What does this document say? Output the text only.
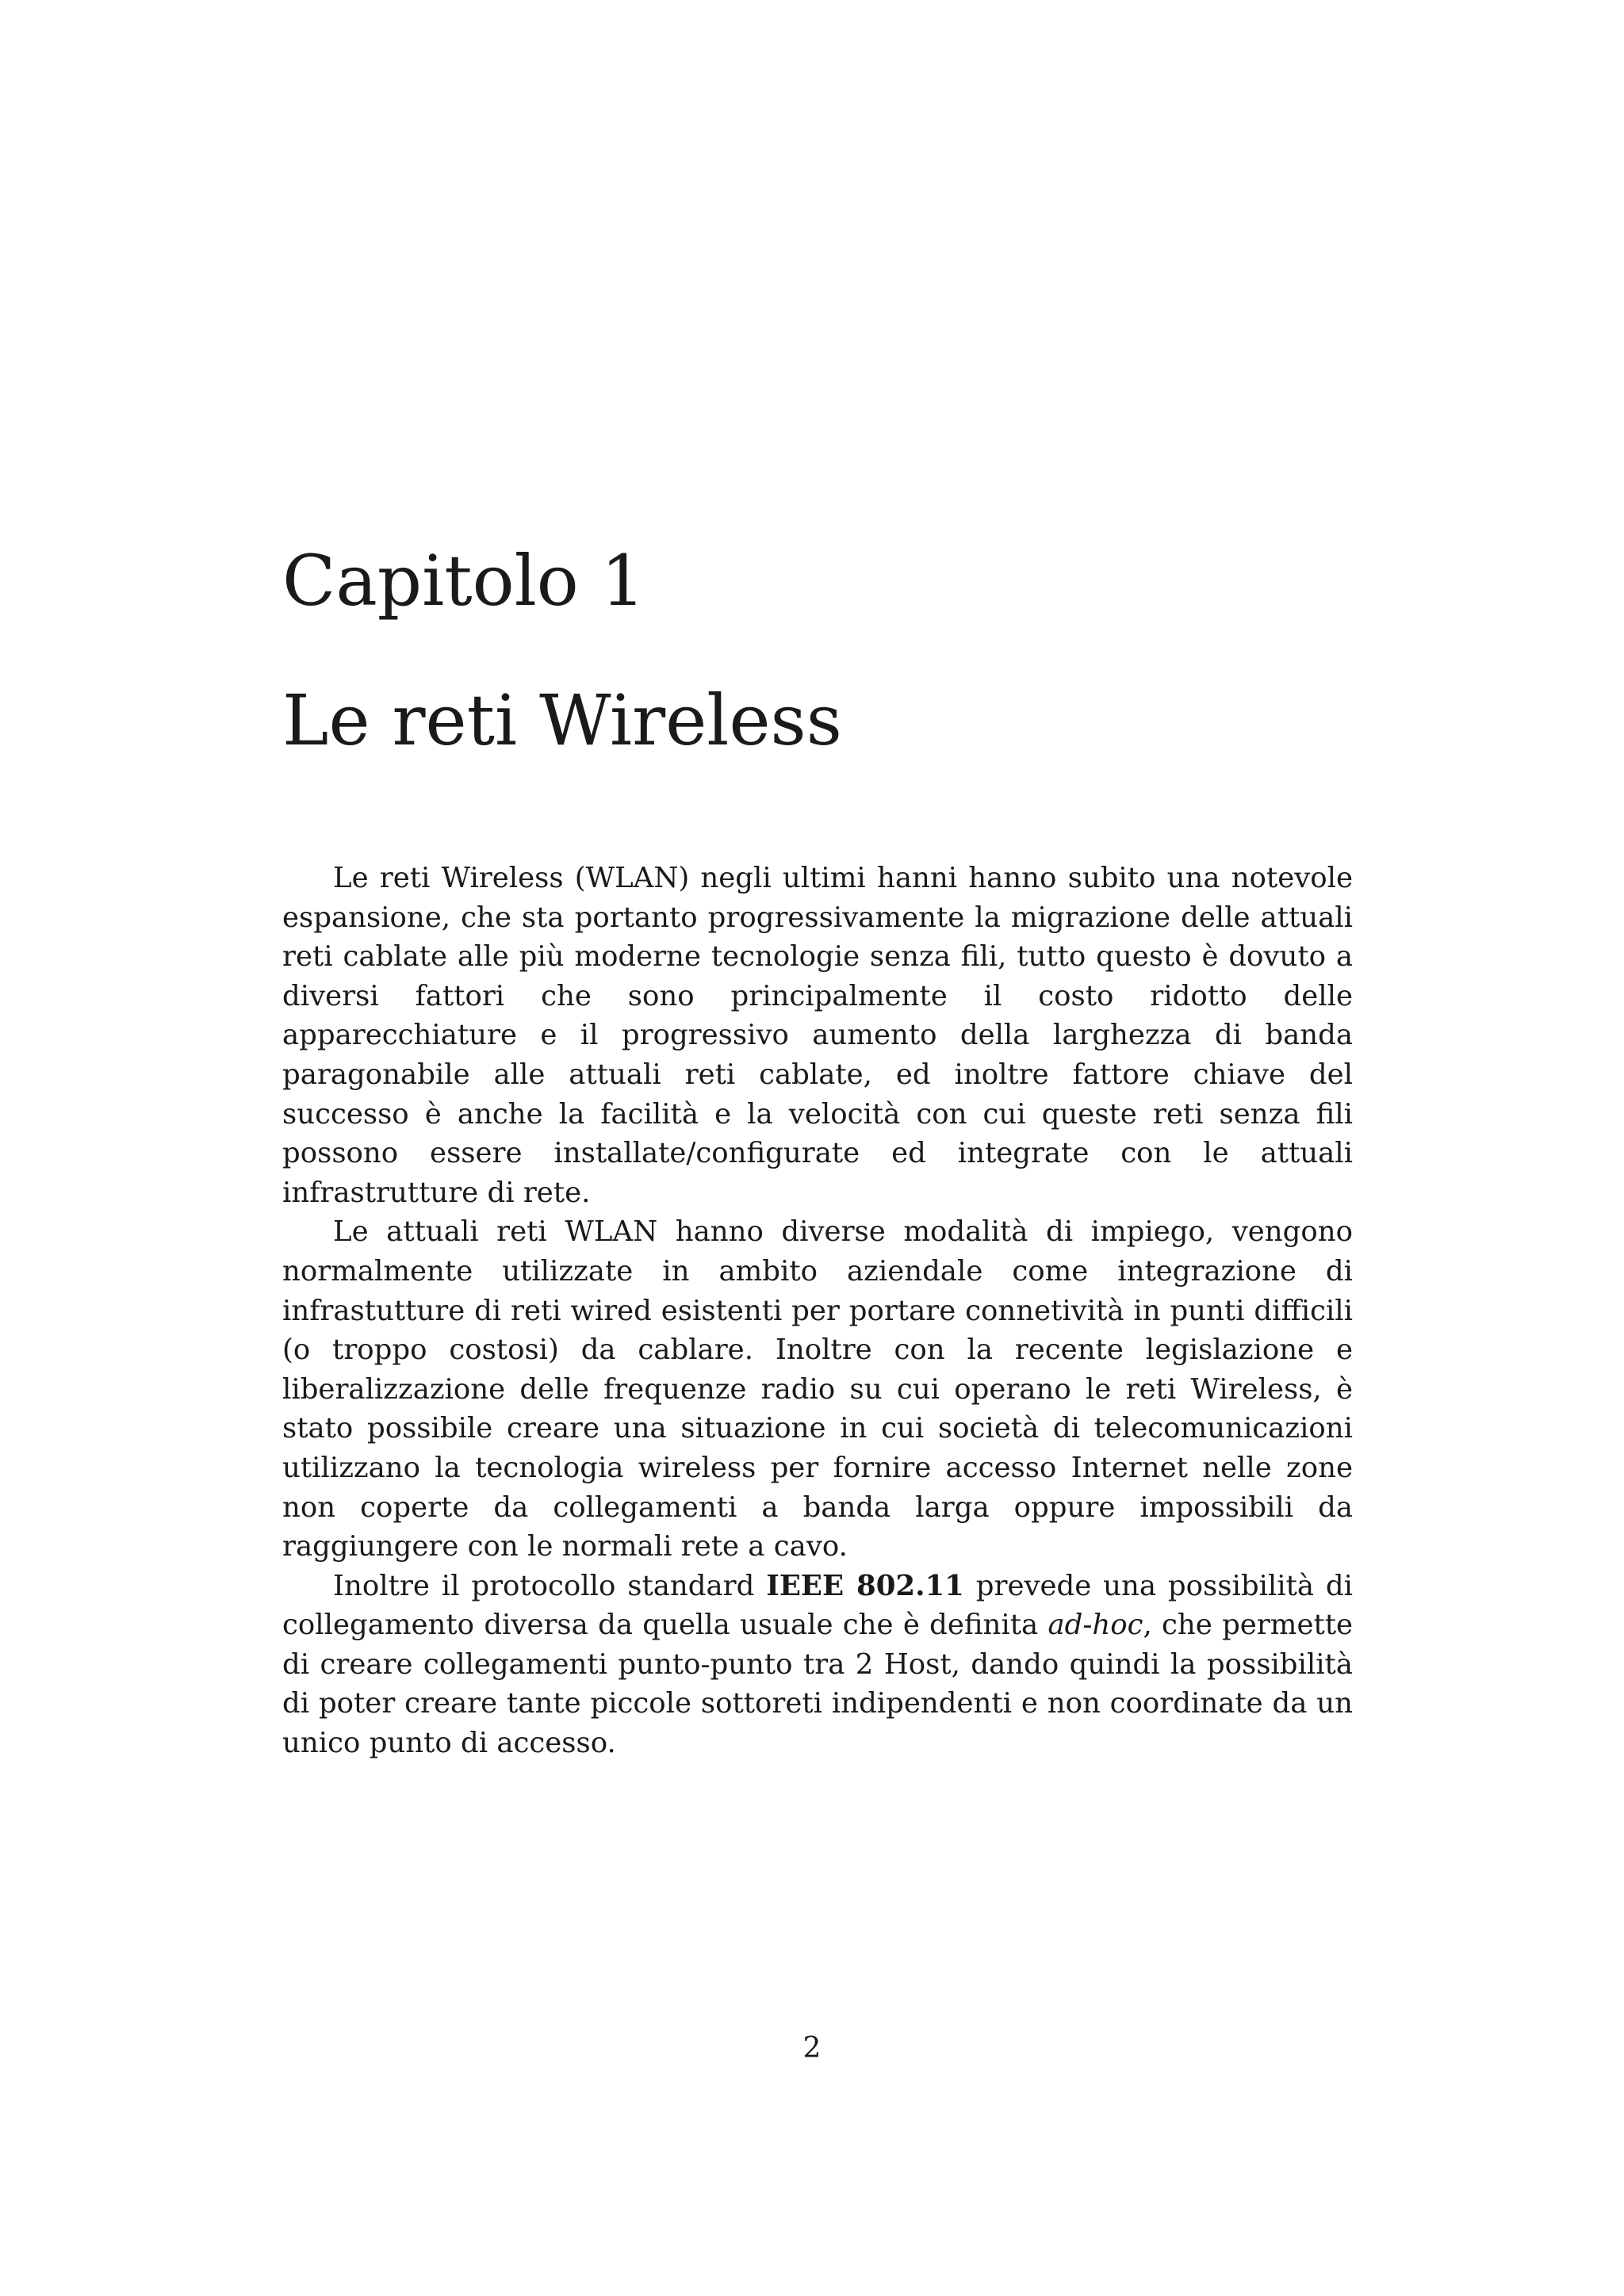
Capitolo 1
Le reti Wireless

Le reti Wireless (WLAN) negli ultimi hanni hanno subito una notevole espansione, che sta portanto progressivamente la migrazione delle attuali reti cablate alle più moderne tecnologie senza fili, tutto questo è dovuto a diversi fattori che sono principalmente il costo ridotto delle apparecchiature e il progressivo aumento della larghezza di banda paragonabile alle attuali reti cablate, ed inoltre fattore chiave del successo è anche la facilità e la velocità con cui queste reti senza fili possono essere installate/configurate ed integrate con le attuali infrastrutture di rete.

Le attuali reti WLAN hanno diverse modalità di impiego, vengono normalmente utilizzate in ambito aziendale come integrazione di infrastutture di reti wired esistenti per portare connetività in punti difficili (o troppo costosi) da cablare. Inoltre con la recente legislazione e liberalizzazione delle frequenze radio su cui operano le reti Wireless, è stato possibile creare una situazione in cui società di telecomunicazioni utilizzano la tecnologia wireless per fornire accesso Internet nelle zone non coperte da collegamenti a banda larga oppure impossibili da raggiungere con le normali rete a cavo.

Inoltre il protocollo standard IEEE 802.11 prevede una possibilità di collegamento diversa da quella usuale che è definita ad-hoc, che permette di creare collegamenti punto-punto tra 2 Host, dando quindi la possibilità di poter creare tante piccole sottoreti indipendenti e non coordinate da un unico punto di accesso.

2
